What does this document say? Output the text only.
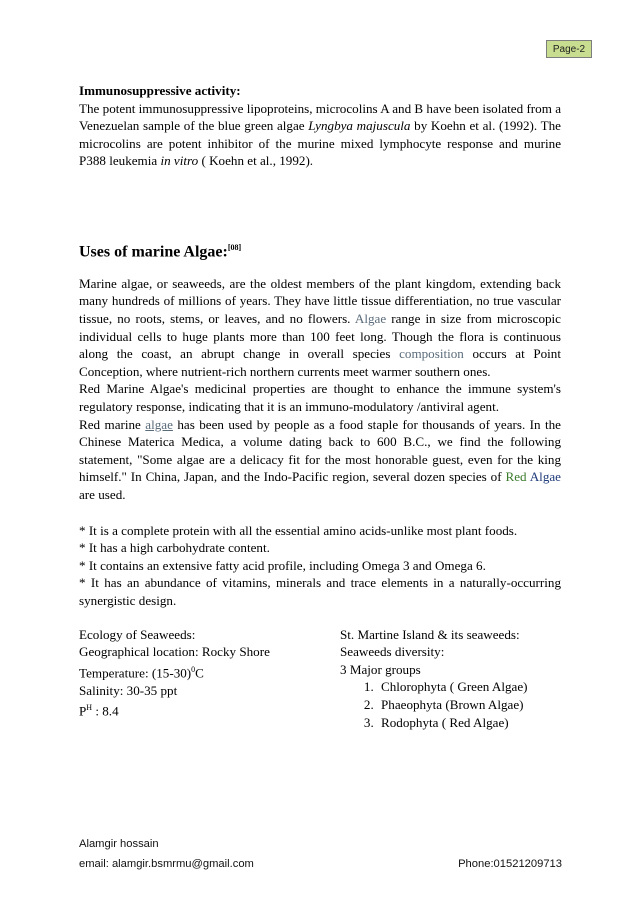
Page-2

Immunosuppressive activity:

The potent immunosuppressive lipoproteins, microcolins A and B have been isolated from a Venezuelan sample of the blue green algae Lyngbya majuscula by Koehn et al. (1992). The microcolins are potent inhibitor of the murine mixed lymphocyte response and murine P388 leukemia in vitro ( Koehn et al., 1992).

Uses of marine Algae:[08]

Marine algae, or seaweeds, are the oldest members of the plant kingdom, extending back many hundreds of millions of years. They have little tissue differentiation, no true vascular tissue, no roots, stems, or leaves, and no flowers. Algae range in size from microscopic individual cells to huge plants more than 100 feet long. Though the flora is continuous along the coast, an abrupt change in overall species composition occurs at Point Conception, where nutrient-rich northern currents meet warmer southern ones.

Red Marine Algae's medicinal properties are thought to enhance the immune system's regulatory response, indicating that it is an immuno-modulatory /antiviral agent.

Red marine algae has been used by people as a food staple for thousands of years. In the Chinese Materica Medica, a volume dating back to 600 B.C., we find the following statement, "Some algae are a delicacy fit for the most honorable guest, even for the king himself." In China, Japan, and the Indo-Pacific region, several dozen species of Red Algae are used.

* It is a complete protein with all the essential amino acids-unlike most plant foods.

* It has a high carbohydrate content.

* It contains an extensive fatty acid profile, including Omega 3 and Omega 6.

* It has an abundance of vitamins, minerals and trace elements in a naturally-occurring synergistic design.

Ecology of Seaweeds:

Geographical location: Rocky Shore

Temperature: $(15-30)^0C$

Salinity: 30-35 ppt

$P^H$ : 8.4

St. Martine Island & its seaweeds:

Seaweeds diversity:

3 Major groups

1. Chlorophyta ( Green Algae)
2. Phaeophyta (Brown Algae)
3. Rodophyta ( Red Algae)
Alamgir hossain
email: alamgir.bsmrmu@gmail.com	Phone:01521209713
